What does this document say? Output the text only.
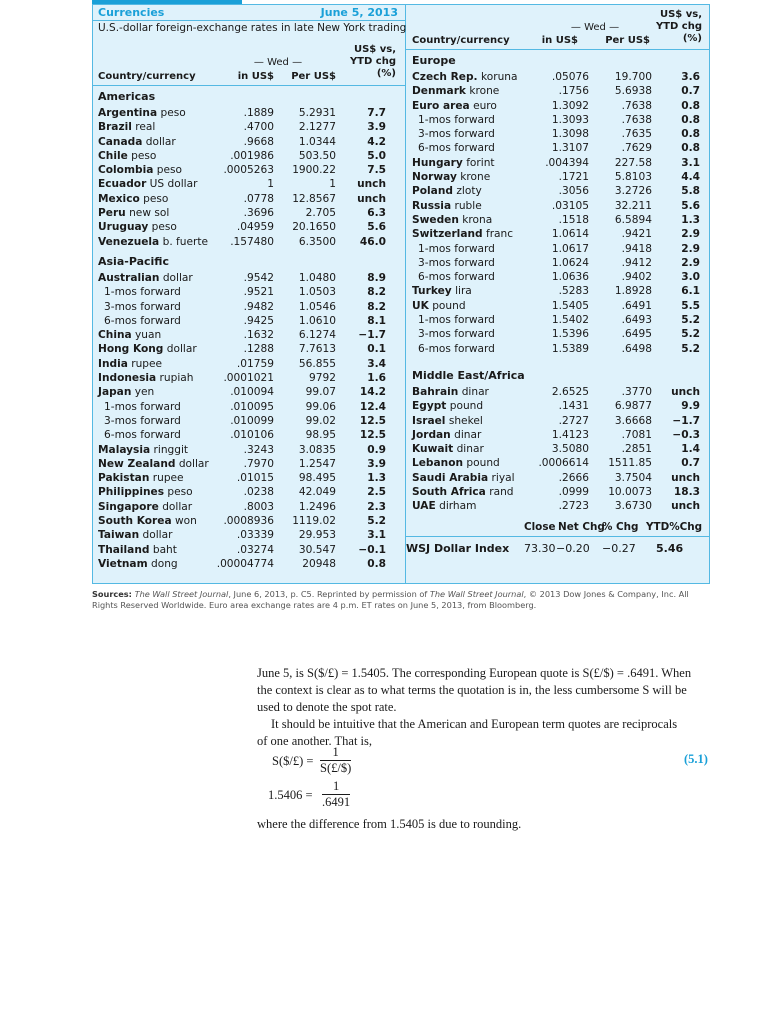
Currencies	June 5, 2013
U.S.-dollar foreign-exchange rates in late New York trading
US$ vs,
YTD chg
(%)
— Wed —
Country/currency	in US$	Per US$
Americas
Argentina peso	.1889 5.2931	7.7
Brazil real	.4700 2.1277	3.9
Canada dollar	.9668 1.0344	4.2
Chile peso	.001986 503.50	5.0
Colombia peso	.0005263 1900.22	7.5
Ecuador US dollar	1	1 unch
Mexico peso	.0778 12.8567 unch
Peru new sol	.3696	2.705	6.3
Uruguay peso	.04959 20.1650	5.6
Venezuela b. fuerte .157480 6.3500 46.0
Asia-Pacific
Australian dollar	.9542 1.0480	8.9
1-mos forward	.9521 1.0503	8.2
3-mos forward	.9482 1.0546	8.2
6-mos forward	.9425 1.0610	8.1
China yuan	.1632 6.1274 −1.7
Hong Kong dollar	.1288 7.7613	0.1
India rupee	.01759 56.855	3.4
Indonesia rupiah	.0001021	9792	1.6
Japan yen	.010094	99.07 14.2
1-mos forward	.010095	99.06 12.4
3-mos forward	.010099	99.02 12.5
6-mos forward	.010106	98.95 12.5
Malaysia ringgit	.3243 3.0835	0.9
New Zealand dollar	.7970 1.2547	3.9
Pakistan rupee	.01015 98.495	1.3
Philippines peso	.0238 42.049	2.5
Singapore dollar	.8003 1.2496	2.3
South Korea won	.0008936 1119.02	5.2
Taiwan dollar	.03339 29.953	3.1
Thailand baht	.03274 30.547 −0.1
Vietnam dong	.00004774	20948	0.8
US$ vs,
YTD chg
(%)
— Wed —
Country/currency	in US$	Per US$
Europe
Czech Rep. koruna	.05076 19.700	3.6
Denmark krone	.1756 5.6938	0.7
Euro area euro	1.3092	.7638	0.8
1-mos forward	1.3093	.7638	0.8
3-mos forward	1.3098	.7635	0.8
6-mos forward	1.3107	.7629	0.8
Hungary forint	.004394 227.58	3.1
Norway krone	.1721 5.8103	4.4
Poland zloty	.3056 3.2726	5.8
Russia ruble	.03105 32.211	5.6
Sweden krona	.1518 6.5894	1.3
Switzerland franc	1.0614	.9421	2.9
1-mos forward	1.0617	.9418	2.9
3-mos forward	1.0624	.9412	2.9
6-mos forward	1.0636	.9402	3.0
Turkey lira	.5283 1.8928	6.1
UK pound	1.5405	.6491	5.5
1-mos forward	1.5402	.6493	5.2
3-mos forward	1.5396	.6495	5.2
6-mos forward	1.5389	.6498	5.2
Middle East/Africa
Bahrain dinar	2.6525	.3770 unch
Egypt pound	.1431 6.9877	9.9
Israel shekel	.2727 3.6668 −1.7
Jordan dinar	1.4123	.7081 −0.3
Kuwait dinar	3.5080	.2851	1.4
Lebanon pound	.0006614 1511.85	0.7
Saudi Arabia riyal	.2666 3.7504 unch
South Africa rand	.0999 10.0073 18.3
UAE dirham	.2723 3.6730 unch
Close Net Chg
% Chg YTD%Chg
WSJ Dollar Index 73.30 −0.20 −0.27 5.46
Sources: The Wall Street Journal, June 6, 2013, p. C5. Reprinted by permission of The Wall Street Journal, © 2013 Dow Jones & Company, Inc. All Rights Reserved Worldwide. Euro area exchange rates are 4 p.m. ET rates on June 5, 2013, from Bloomberg.
June 5, is S($/£) = 1.5405. The corresponding European quote is S(£/$) = .6491. When
the context is clear as to what terms the quotation is in, the less cumbersome S will be
used to denote the spot rate.
It should be intuitive that the American and European term quotes are reciprocals
of one another. That is,
S($/£) = $\frac{1}{S(£/\$)}$	(5.1)
$1.5406 = \frac{1}{.6491}$
where the difference from 1.5405 is due to rounding.
